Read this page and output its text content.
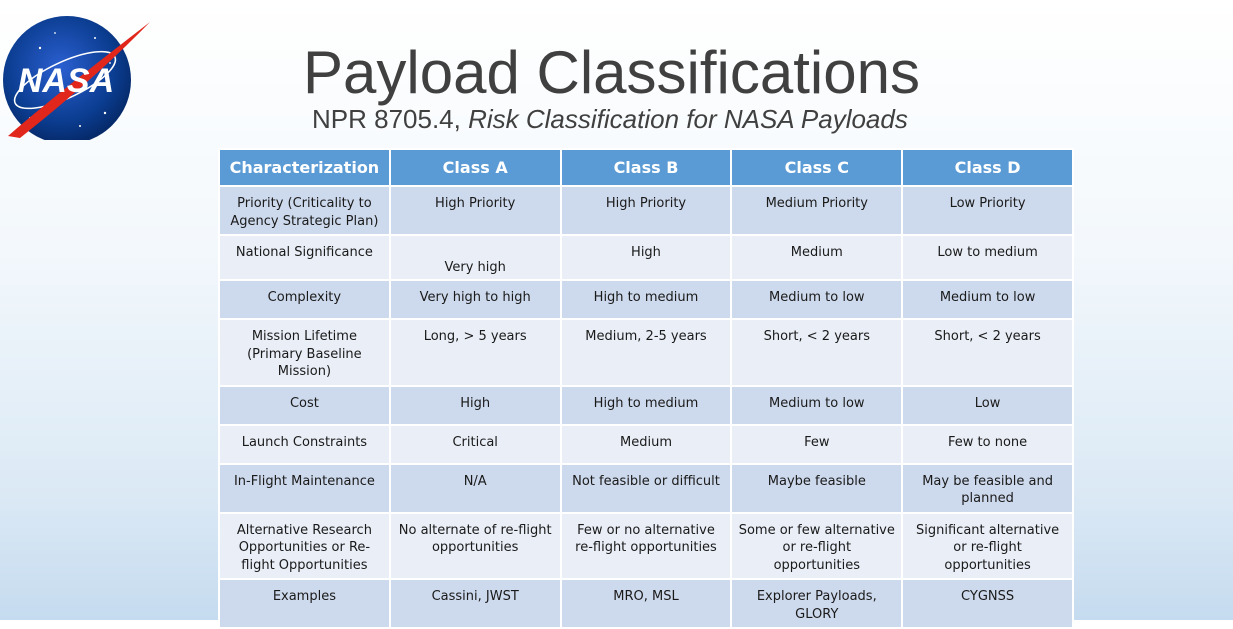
NASA	Payload Classifications
NPR 8705.4, Risk Classification for NASA Payloads
Characterization	Class A	Class B	Class C	Class D
Priority (Criticality to Agency Strategic Plan)	High Priority	High Priority	Medium Priority	Low Priority
National Significance	Very high	High	Medium	Low to medium
Complexity	Very high to high	High to medium	Medium to low	Medium to low
Mission Lifetime (Primary Baseline Mission)	Long, > 5 years	Medium, 2-5 years	Short, < 2 years	Short, < 2 years
Cost	High	High to medium	Medium to low	Low
Launch Constraints	Critical	Medium	Few	Few to none
In-Flight Maintenance	N/A	Not feasible or difficult	Maybe feasible	May be feasible and planned
Alternative Research Opportunities or Re-flight Opportunities	No alternate of re-flight opportunities	Few or no alternative re-flight opportunities	Some or few alternative or re-flight opportunities	Significant alternative or re-flight opportunities
Examples	Cassini, JWST	MRO, MSL	Explorer Payloads, GLORY	CYGNSS
